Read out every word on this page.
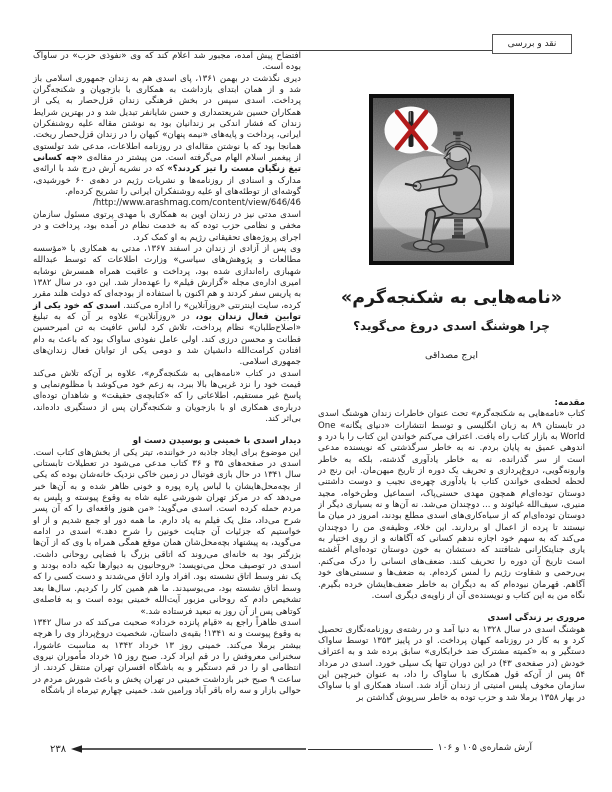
نقد و بررسی
«نامه‌هایی به شکنجه‌گرم»
چرا هوشنگ اسدی دروغ می‌گوید؟
ایرج مصداقی

مقدمه:

کتاب «نامه‌هایی به شکنجه‌گرم» تحت عنوان خاطرات زندان هوشنگ اسدی در تابستان ۸۹ به زبان انگلیسی و توسط انتشارات «دنیای یگانه» One World به بازار کتاب راه یافت. اعتراف می‌کنم خواندن این کتاب را با درد و اندوهی عمیق به پایان بردم. نه به خاطر سرگذشتی که نویسنده مدعی است از سر گذرانده، نه به خاطر یادآوری گذشته، بلکه به خاطر وارونه‌گویی، دروغ‌پردازی و تحریف یک دوره از تاریخ میهن‌مان. این رنج در لحظه لحظه‌ی خواندن کتاب با یادآوری چهره‌ی نجیب و دوست داشتنی دوستان توده‌ای‌ام همچون مهدی حسنی‌پاک، اسماعیل وطن‌خواه، مجید منیری، سیف‌الله غیاثوند و ... دوچندان می‌شد. نه آن‌ها و نه بسیاری دیگر از دوستان توده‌ای‌ام که از سیاه‌کاری‌های اسدی مطلع بودند، امروز در میان ما نیستند تا پرده از اعمال او بردارند. این خلاء، وظیفه‌ی من را دوچندان می‌کند که به سهم خود اجازه ندهم کسانی که آگاهانه و از روی اختیار به یاری جنایتکارانی شتافتند که دستشان به خون دوستان توده‌ای‌ام آغشته است تاریخ آن دوره را تحریف کنند. ضعف‌های انسانی را درک می‌کنم. بی‌رحمی و شقاوت رژیم را لمس کرده‌ام. به ضعف‌ها و سستی‌های خود آگاهم. قهرمان نبوده‌ام که به دیگران به خاطر ضعف‌هایشان خرده بگیرم. نگاه من به این کتاب و نویسنده‌ی آن از زاویه‌ی دیگری است.

مروری بر زندگی اسدی

هوشنگ اسدی در سال ۱۳۲۸ به دنیا آمد و در رشته‌ی روزنامه‌نگاری تحصیل کرد و به کار در روزنامه کیهان پرداخت. او در پاییز ۱۳۵۳ توسط ساواک دستگیر و به «کمیته مشترک ضد خرابکاری» سابق برده شد و به اعتراف خودش (در صفحه‌ی ۴۳) در این دوران تنها یک سیلی خورد. اسدی در مرداد ۵۴ پس از آن‌که قول همکاری با ساواک را داد، به عنوان خبرچین این سازمان مخوف پلیس امنیتی از زندان آزاد شد. اسناد همکاری او با ساواک در بهار ۱۳۵۸ برملا شد و حزب توده به خاطر سرپوش گذاشتن بر

افتضاح پیش آمده، مجبور شد اعلام کند که وی «نفوذی حزب» در ساواک بوده است.

دیری نگذشت در بهمن ۱۳۶۱، پای اسدی هم به زندان جمهوری اسلامی باز شد و از همان ابتدای بازداشت به همکاری با بازجویان و شکنجه‌گران پرداخت. اسدی سپس در بخش فرهنگی زندان قزل‌حصار به یکی از همکاران حسین شریعتمداری و حسن شایانفر تبدیل شد و در بهترین شرایط زندان که فشار اندکی بر زندانیان بود به نوشتن مقاله علیه روشنفکران ایرانی، پرداخت و پایه‌های «نیمه پنهان» کیهان را در زندان قزل‌حصار ریخت. همانجا بود که با نوشتن مقاله‌ای در روزنامه اطلاعات، مدعی شد تولستوی از پیغمبر اسلام الهام می‌گرفته است. من پیشتر در مقاله‌ی «چه کسانی تیغ زنگیان مست را تیز کردند؟» که در نشریه آرش درج شد با ارائه‌ی مدارک و اسنادی از روزنامه‌ها و نشریات رژیم در دهه‌ی ۶۰ خورشیدی، گوشه‌ای از توطئه‌های او علیه روشنفکران ایرانی را تشریح کرده‌ام.

http://www.arashmag.com/content/view/646/46/

اسدی مدتی نیز در زندان اوین به همکاری با مهدی پرتوی مسئول سازمان مخفی و نظامی حزب توده که به خدمت نظام در آمده بود، پرداخت و در اجرای پروژه‌های تحقیقاتی رژیم به او کمک کرد.

وی پس از آزادی از زندان در اسفند ۱۳۶۷، مدتی به همکاری با «مؤسسه مطالعات و پژوهش‌های سیاسی» وزارت اطلاعات که توسط عبدالله شهبازی راه‌اندازی شده بود، پرداخت و عاقبت همراه همسرش نوشابه امیری اداره‌ی مجله «گزارش فیلم» را عهده‌دار شد. این دو، در سال ۱۳۸۲ به پاریس سفر کردند و هم اکنون با استفاده از بودجه‌ای که دولت هلند مقرر کرده، سایت اینترنتی «روزآنلاین» را اداره می‌کنند. اسدی که خود یکی از توابین فعال زندان بود، در «روزآنلاین» علاوه بر آن که به تبلیغ «اصلاح‌طلبان» نظام پرداخت، تلاش کرد لباس عافیت به تن امیرحسین فطانت و محسن درزی کند. اولی عامل نفوذی ساواک بود که باعث به دام افتادن کرامت‌الله دانشیان شد و دومی یکی از توابان فعال زندان‌های جمهوری اسلامی.

اسدی در کتاب «نامه‌هایی به شکنجه‌گرم»، علاوه بر آن‌که تلاش می‌کند قیمت خود را نزد غربی‌ها بالا ببرد، به زعم خود می‌کوشد با مظلوم‌نمایی و پاسخ غیر مستقیم، اطلاعاتی را که «کتابچه‌ی حقیقت» و شاهدان توده‌ای درباره‌ی همکاری او با بازجویان و شکنجه‌گران پس از دستگیری داده‌اند، بی‌اثر کند.

دیدار اسدی با خمینی و بوسیدن دست او

این موضوع برای ایجاد جاذبه در خواننده، تیتر یکی از بخش‌های کتاب است. اسدی در صفحه‌های ۳۵ و ۳۶ کتاب مدعی می‌شود در تعطیلات تابستانی سال ۱۳۴۱ در حال بازی فوتبال در زمین خاکی نزدیک خانه‌شان بوده که یکی از بچه‌محل‌هایشان با لباس پاره پوره و خونی ظاهر شده و به آن‌ها خبر می‌دهد که در مرکز تهران شورشی علیه شاه به وقوع پیوسته و پلیس به مردم حمله کرده است. اسدی می‌گوید: «من هنوز واقعه‌ای را که آن پسر شرح می‌داد، مثل یک فیلم به یاد دارم. ما همه دور او جمع شدیم و از او خواستیم که جزئیات آن جنایت خونین را شرح دهد.» اسدی در ادامه می‌گوید، به پیشنهاد بچه‌محل‌شان همان موقع همگی همراه با وی که از آن‌ها بزرگتر بود به خانه‌ای می‌روند که اتاقی بزرگ با فضایی روحانی داشت. اسدی در توصیف محل می‌نویسد: «روحانیون به دیوارها تکیه داده بودند و یک نفر وسط اتاق نشسته بود. افراد وارد اتاق می‌شدند و دست کسی را که وسط اتاق نشسته بود، می‌بوسیدند. ما هم همین کار را کردیم. سال‌ها بعد تشخیص دادم که روحانی مزبور آیت‌الله خمینی بوده است و به فاصله‌ی کوتاهی پس از آن روز به تبعید فرستاده شد.»

اسدی ظاهراً راجع به «قیام پانزده خرداد» صحبت می‌کند که در سال ۱۳۴۲ به وقوع پیوست و نه ۱۳۴۱! بقیه‌ی داستان، شخصیت دروغ‌پرداز وی را هرچه بیشتر برملا می‌کند. خمینی روز ۱۳ خرداد ۱۳۴۲ به مناسبت عاشورا، سخنرانی معروفش را در قم ایراد کرد. صبح روز ۱۵ خرداد مأموران نیروی انتظامی او را در قم دستگیر و به باشگاه افسران تهران منتقل کردند. از ساعت ۹ صبح خبر بازداشت خمینی در تهران پخش و باعث شورش مردم در حوالی بازار و سه راه باقر آباد ورامین شد. خمینی چهارم تیرماه از باشگاه

آرش شماره‌ی ۱۰۵ و ۱۰۶
۲۳۸
